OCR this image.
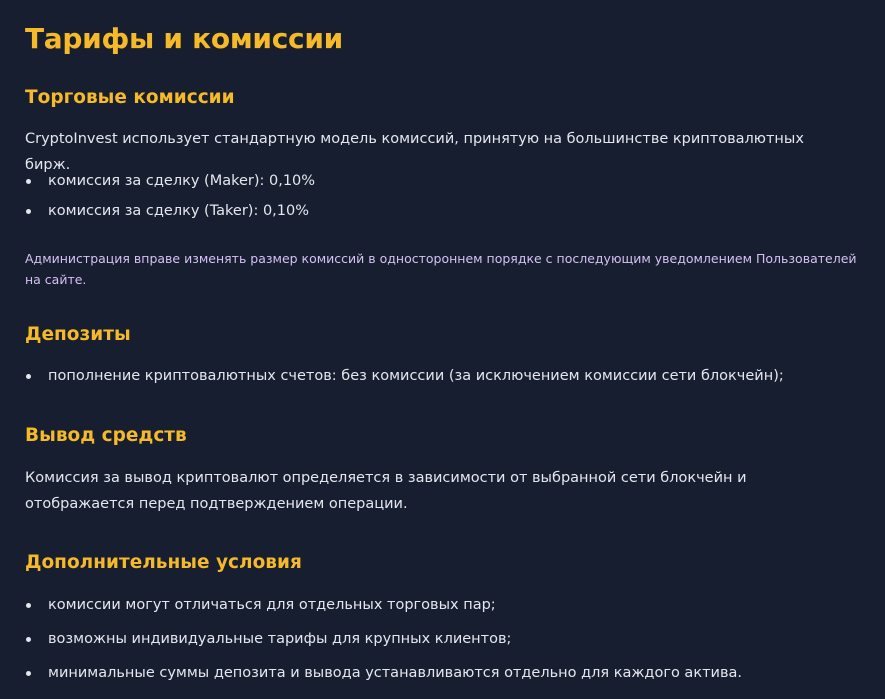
Тарифы и комиссии
Торговые комиссии

CryptoInvest использует стандартную модель комиссий, принятую на большинстве криптовалютных бирж.

комиссия за сделку (Maker): 0,10%
комиссия за сделку (Taker): 0,10%

Администрация вправе изменять размер комиссий в одностороннем порядке с последующим уведомлением Пользователей на сайте.

Депозиты
пополнение криптовалютных счетов: без комиссии (за исключением комиссии сети блокчейн);
Вывод средств

Комиссия за вывод криптовалют определяется в зависимости от выбранной сети блокчейн и отображается перед подтверждением операции.

Дополнительные условия
комиссии могут отличаться для отдельных торговых пар;
возможны индивидуальные тарифы для крупных клиентов;
минимальные суммы депозита и вывода устанавливаются отдельно для каждого актива.
